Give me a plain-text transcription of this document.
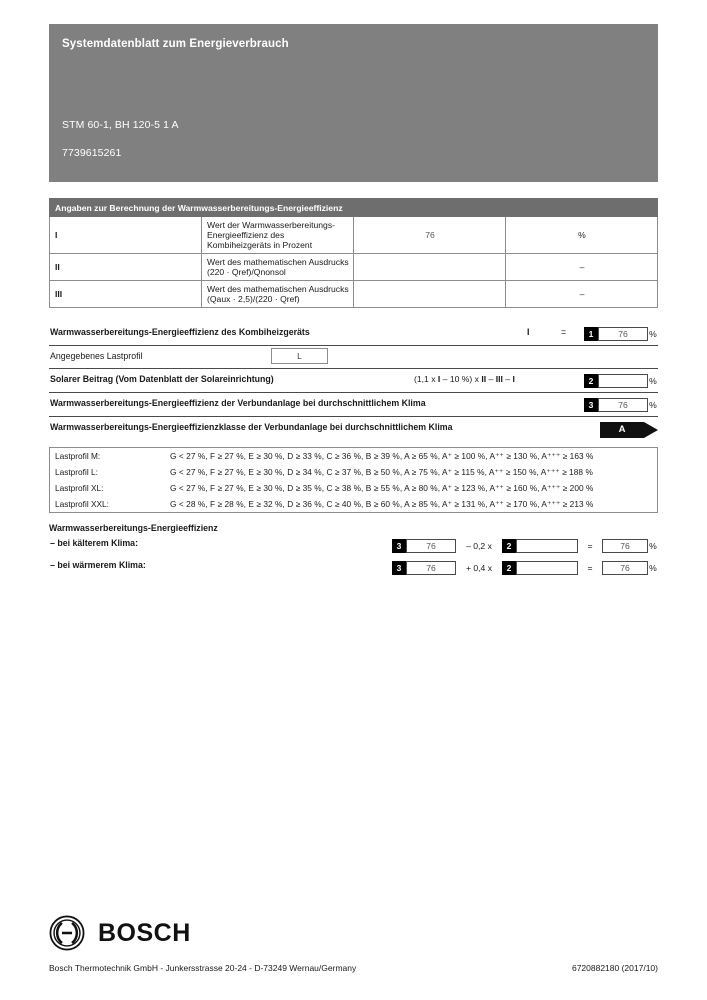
Systemdatenblatt zum Energieverbrauch
STM 60-1, BH 120-5 1 A
7739615261
Angaben zur Berechnung der Warmwasserbereitungs-Energieeffizienz			
I	Wert der Warmwasserbereitungs-Energieeffizienz des Kombiheizgeräts in Prozent	76	%
II	Wert des mathematischen Ausdrucks (220 · Qref)/Qnonsol		–
III	Wert des mathematischen Ausdrucks (Qaux · 2,5)/(220 · Qref)		–
Warmwasserbereitungs-Energieeffizienz des Kombiheizgeräts	I	=	1	76 %
Angegebenes Lastprofil	L
Solarer Beitrag (Vom Datenblatt der Solareinrichtung)	(1,1 x I – 10 %) x II – III – I	2	%
Warmwasserbereitungs-Energieeffizienz der Verbundanlage bei durchschnittlichem Klima	3	76 %
Warmwasserbereitungs-Energieeffizienzklasse der Verbundanlage bei durchschnittlichem Klima	A
Lastprofil M:	G < 27 %, F ≥ 27 %, E ≥ 30 %, D ≥ 33 %, C ≥ 36 %, B ≥ 39 %, A ≥ 65 %, A⁺ ≥ 100 %, A⁺⁺ ≥ 130 %, A⁺⁺⁺ ≥ 163 %
Lastprofil L:	G < 27 %, F ≥ 27 %, E ≥ 30 %, D ≥ 34 %, C ≥ 37 %, B ≥ 50 %, A ≥ 75 %, A⁺ ≥ 115 %, A⁺⁺ ≥ 150 %, A⁺⁺⁺ ≥ 188 %
Lastprofil XL:	G < 27 %, F ≥ 27 %, E ≥ 30 %, D ≥ 35 %, C ≥ 38 %, B ≥ 55 %, A ≥ 80 %, A⁺ ≥ 123 %, A⁺⁺ ≥ 160 %, A⁺⁺⁺ ≥ 200 %
Lastprofil XXL:	G < 28 %, F ≥ 28 %, E ≥ 32 %, D ≥ 36 %, C ≥ 40 %, B ≥ 60 %, A ≥ 85 %, A⁺ ≥ 131 %, A⁺⁺ ≥ 170 %, A⁺⁺⁺ ≥ 213 %
Warmwasserbereitungs-Energieeffizienz
– bei kälterem Klima:	3	76	– 0,2 x 2	=	76 %
– bei wärmerem Klima:	3	76	+ 0,4 x 2	=	76 %
BOSCH
Bosch Thermotechnik GmbH - Junkersstrasse 20-24 - D-73249 Wernau/Germany	6720882180 (2017/10)
